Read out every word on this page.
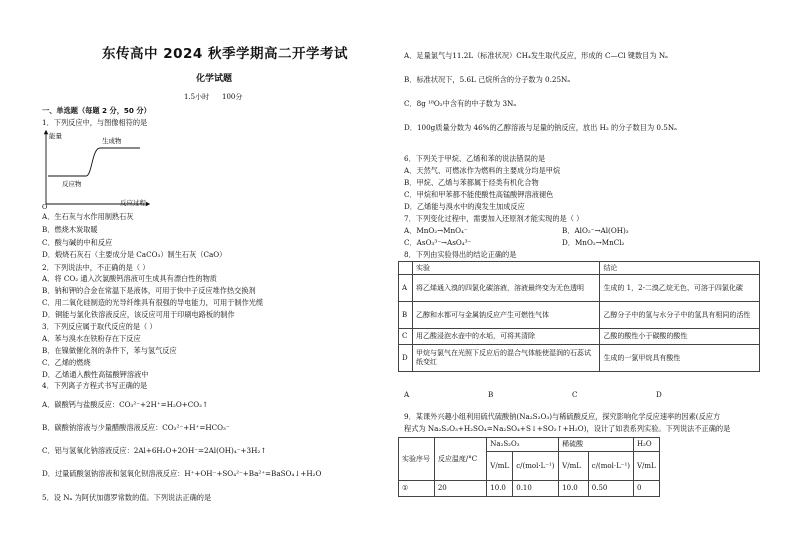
东传高中 2024 秋季学期高二开学考试
化学试题
1.5小时 100分
一、单选题（每题 2 分，50 分）
1．下列反应中，与图像相符的是
能量
生成物
反应物
O	反应过程
A．生石灰与水作用制熟石灰
B．燃烧木炭取暖
C．酸与碱的中和反应
D．煅烧石灰石（主要成分是 CaCO₃）制生石灰（CaO）
2．下列说法中，不正确的是（ ）
A．将 CO₂ 通入次氯酸钙溶液可生成具有漂白性的物质
B．钠和钾的合金在常温下是液体，可用于快中子反应堆作热交换剂
C．用二氧化硅制造的光导纤维具有很强的导电能力，可用于制作光缆
D．铜能与氯化铁溶液反应，该反应可用于印刷电路板的制作
3．下列反应属于取代反应的是（ ）
A．苯与溴水在铁粉存在下反应
B．在镍做催化剂的条件下，苯与氢气反应
C．乙烯的燃烧
D．乙烯通入酸性高锰酸钾溶液中
4．下列离子方程式书写正确的是
A．碳酸钙与盐酸反应：CO₃²⁻+2H⁺=H₂O+CO₂↑
B．碳酸钠溶液与少量醋酸溶液反应：CO₃²⁻+H⁺=HCO₃⁻
C．铝与氢氧化钠溶液反应：2Al+6H₂O+2OH⁻=2Al(OH)₄⁻+3H₂↑
D．过量硫酸氢钠溶液和氢氧化钡溶液反应：H⁺+OH⁻+SO₄²⁻+Ba²⁺=BaSO₄↓+H₂O
5．设 Nₐ 为阿伏加德罗常数的值。下列说法正确的是
A．足量氯气与11.2L（标准状况）CH₄发生取代反应，形成的 C—Cl 键数目为 Nₐ
B．标准状况下，5.6L 己烷所含的分子数为 0.25Nₐ
C．8g ¹⁸O₂中含有的中子数为 3Nₐ
D．100g质量分数为 46%的乙醇溶液与足量的钠反应，放出 H₂ 的分子数目为 0.5Nₐ
6．下列关于甲烷、乙烯和苯的说法错误的是
A．天然气、可燃冰作为燃料的主要成分均是甲烷
B．甲烷、乙烯与苯都属于烃类有机化合物
C．甲烷和甲苯都不能使酸性高锰酸钾溶液褪色
D．乙烯能与溴水中的溴发生加成反应
7．下列变化过程中，需要加入还原剂才能实现的是（ ）
A．MnO₂→MnO₄⁻	B．AlO₂⁻→Al(OH)₃
C．AsO₃³⁻→AsO₄³⁻	D．MnO₂→MnCl₂
8．下列由实验得出的结论正确的是
	实验	结论
A	将乙烯通入溴的四氯化碳溶液，溶液最终变为无色透明	生成的 1，2-二溴乙烷无色、可溶于四氯化碳
B	乙醇和水都可与金属钠反应产生可燃性气体	乙醇分子中的氢与水分子中的氢具有相同的活性
C	用乙酸浸泡水壶中的水垢，可将其清除	乙酸的酸性小于碳酸的酸性
D	甲烷与氯气在光照下反应后的混合气体能使湿润的石蕊试纸变红	生成的一氯甲烷具有酸性
A	B	C	D
9．某课外兴趣小组利用硫代硫酸钠(Na₂S₂O₃)与稀硫酸反应，探究影响化学反应速率的因素(反应方
程式为 Na₂S₂O₃+H₂SO₄=Na₂SO₄+S↓+SO₂↑+H₂O)，设计了如表系列实验。下列说法不正确的是
实验序号	反应温度/°C	Na₂S₂O₃		稀硫酸		H₂O
		V/mL	c/(mol·L⁻¹)	V/mL	c/(mol·L⁻¹)	V/mL
①	20	10.0	0.10	10.0	0.50	0
